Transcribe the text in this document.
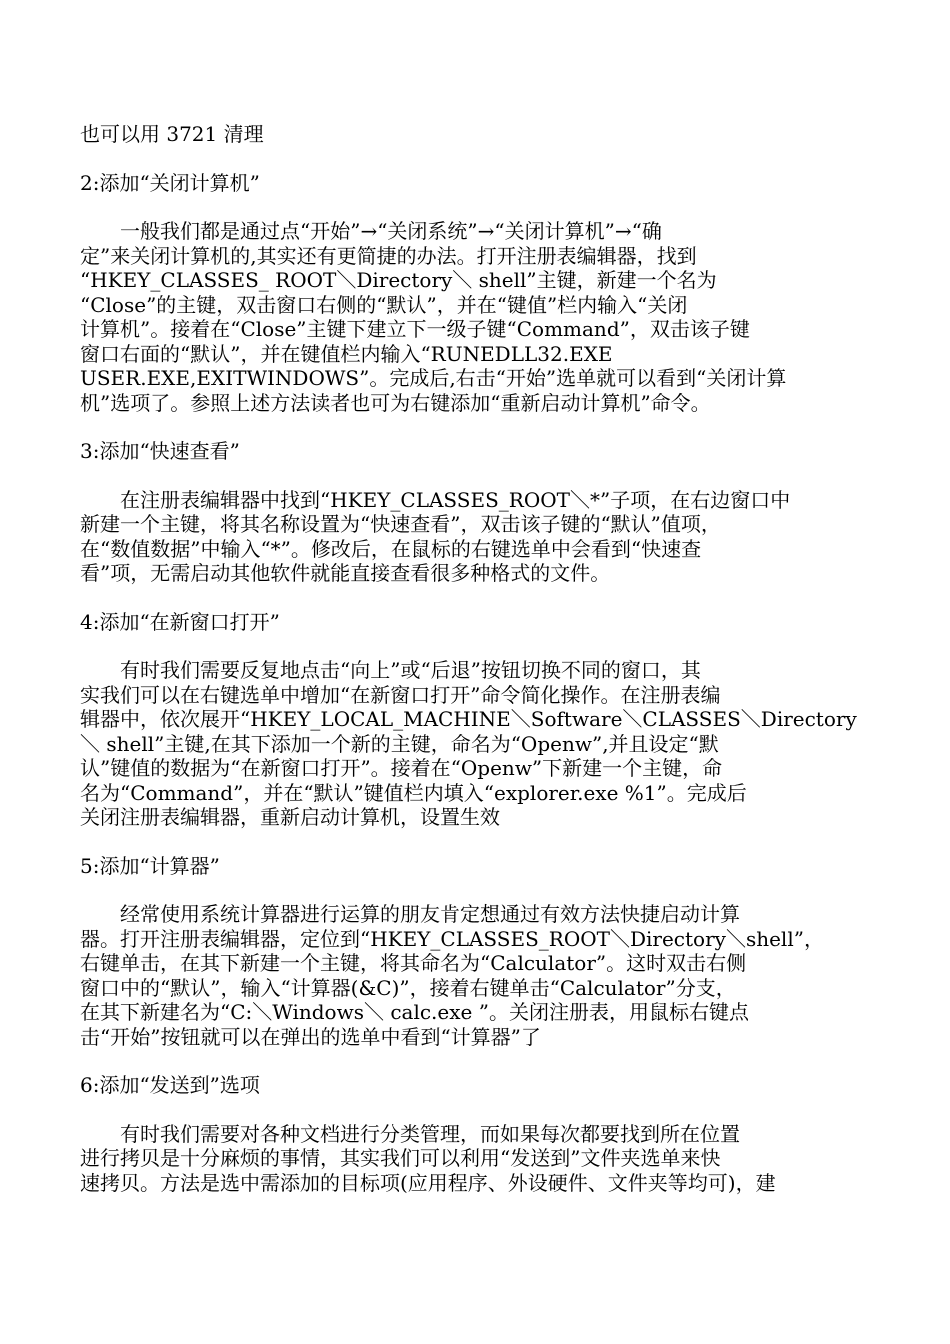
也可以用 3721 清理
2:添加“关闭计算机”
　　一般我们都是通过点“开始”→“关闭系统”→“关闭计算机”→“确
定”来关闭计算机的,其实还有更简捷的办法。打开注册表编辑器，找到
“HKEY_CLASSES_ ROOT＼Directory＼ shell”主键，新建一个名为
“Close”的主键，双击窗口右侧的“默认”，并在“键值”栏内输入“关闭
计算机”。接着在“Close”主键下建立下一级子键“Command”，双击该子键
窗口右面的“默认”，并在键值栏内输入“RUNEDLL32.EXE
USER.EXE,EXITWINDOWS”。完成后,右击“开始”选单就可以看到“关闭计算
机”选项了。参照上述方法读者也可为右键添加“重新启动计算机”命令。
3:添加“快速查看”
　　在注册表编辑器中找到“HKEY_CLASSES_ROOT＼*”子项，在右边窗口中
新建一个主键，将其名称设置为“快速查看”，双击该子键的“默认”值项，
在“数值数据”中输入“*”。修改后，在鼠标的右键选单中会看到“快速查
看”项，无需启动其他软件就能直接查看很多种格式的文件。
4:添加“在新窗口打开”
　　有时我们需要反复地点击“向上”或“后退”按钮切换不同的窗口，其
实我们可以在右键选单中增加“在新窗口打开”命令简化操作。在注册表编
辑器中，依次展开“HKEY_LOCAL_MACHINE＼Software＼CLASSES＼Directory
＼ shell”主键,在其下添加一个新的主键，命名为“Openw”,并且设定“默
认”键值的数据为“在新窗口打开”。接着在“Openw”下新建一个主键，命
名为“Command”，并在“默认”键值栏内填入“explorer.exe %1”。完成后
关闭注册表编辑器，重新启动计算机，设置生效
5:添加“计算器”
　　经常使用系统计算器进行运算的朋友肯定想通过有效方法快捷启动计算
器。打开注册表编辑器，定位到“HKEY_CLASSES_ROOT＼Directory＼shell”，
右键单击，在其下新建一个主键，将其命名为“Calculator”。这时双击右侧
窗口中的“默认”，输入“计算器(&C)”，接着右键单击“Calculator”分支，
在其下新建名为“C:＼Windows＼ calc.exe ”。关闭注册表，用鼠标右键点
击“开始”按钮就可以在弹出的选单中看到“计算器”了
6:添加“发送到”选项
　　有时我们需要对各种文档进行分类管理，而如果每次都要找到所在位置
进行拷贝是十分麻烦的事情，其实我们可以利用“发送到”文件夹选单来快
速拷贝。方法是选中需添加的目标项(应用程序、外设硬件、文件夹等均可)，建
